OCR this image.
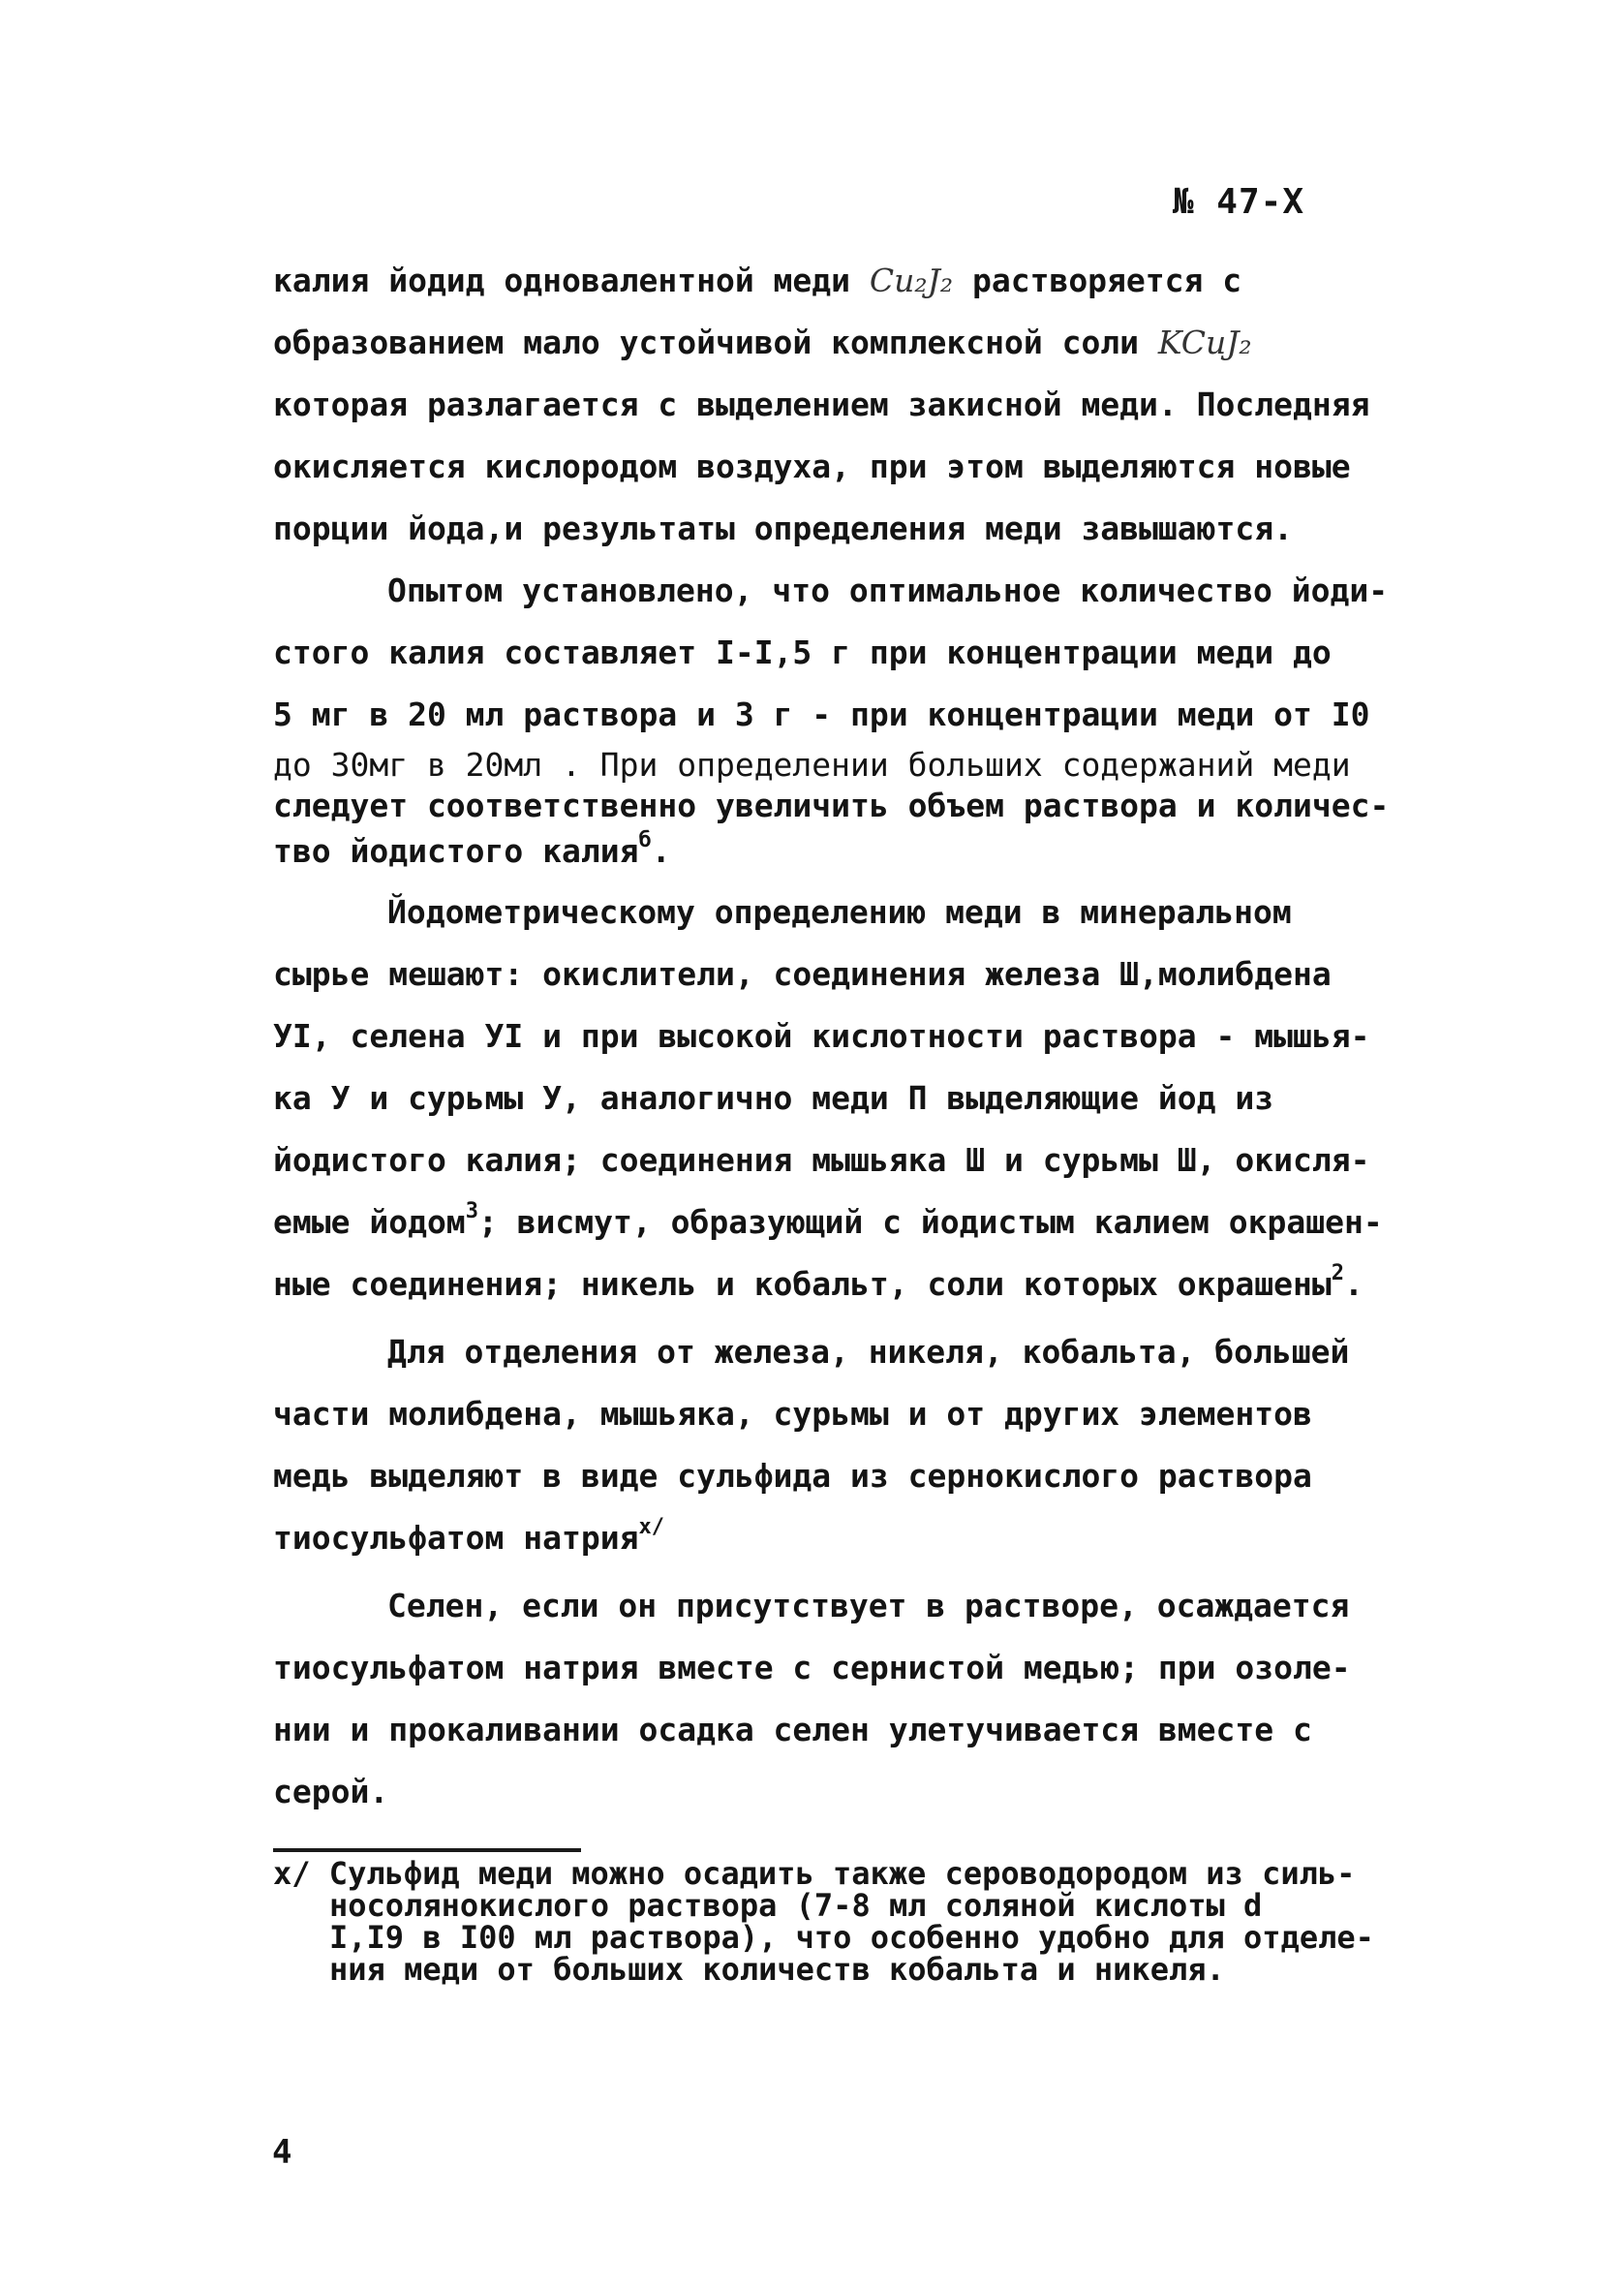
№ 47-Х
калия йодид одновалентной меди Cu₂J₂ растворяется с
образованием мало устойчивой комплексной соли KCuJ₂
которая разлагается с выделением закисной меди. Последняя
окисляется кислородом воздуха, при этом выделяются новые
порции йода,и результаты определения меди завышаются.
Опытом установлено, что оптимальное количество йоди-
стого калия составляет I-I,5 г при концентрации меди до
5 мг в 20 мл раствора и 3 г - при концентрации меди от I0
до 30мг в 20мл . При определении больших содержаний меди
следует соответственно увеличить объем раствора и количес-
тво йодистого калия$^б$.
Йодометрическому определению меди в минеральном
сырье мешают: окислители, соединения железа Ш,молибдена
УI, селена УI и при высокой кислотности раствора - мышья-
ка У и сурьмы У, аналогично меди П выделяющие йод из
йодистого калия; соединения мышьяка Ш и сурьмы Ш, окисля-
емые йодом$^3$; висмут, образующий с йодистым калием окрашен-
ные соединения; никель и кобальт, соли которых окрашены$^2$.
Для отделения от железа, никеля, кобальта, большей
части молибдена, мышьяка, сурьмы и от других элементов
медь выделяют в виде сульфида из сернокислого раствора
тиосульфатом натрия$^{х/}$
Селен, если он присутствует в растворе, осаждается
тиосульфатом натрия вместе с сернистой медью; при озоле-
нии и прокаливании осадка селен улетучивается вместе с
серой.
х/ Сульфид меди можно осадить также сероводородом из силь-
носолянокислого раствора (7-8 мл соляной кислоты d
I,I9 в I00 мл раствора), что особенно удобно для отделе-
ния меди от больших количеств кобальта и никеля.
4
